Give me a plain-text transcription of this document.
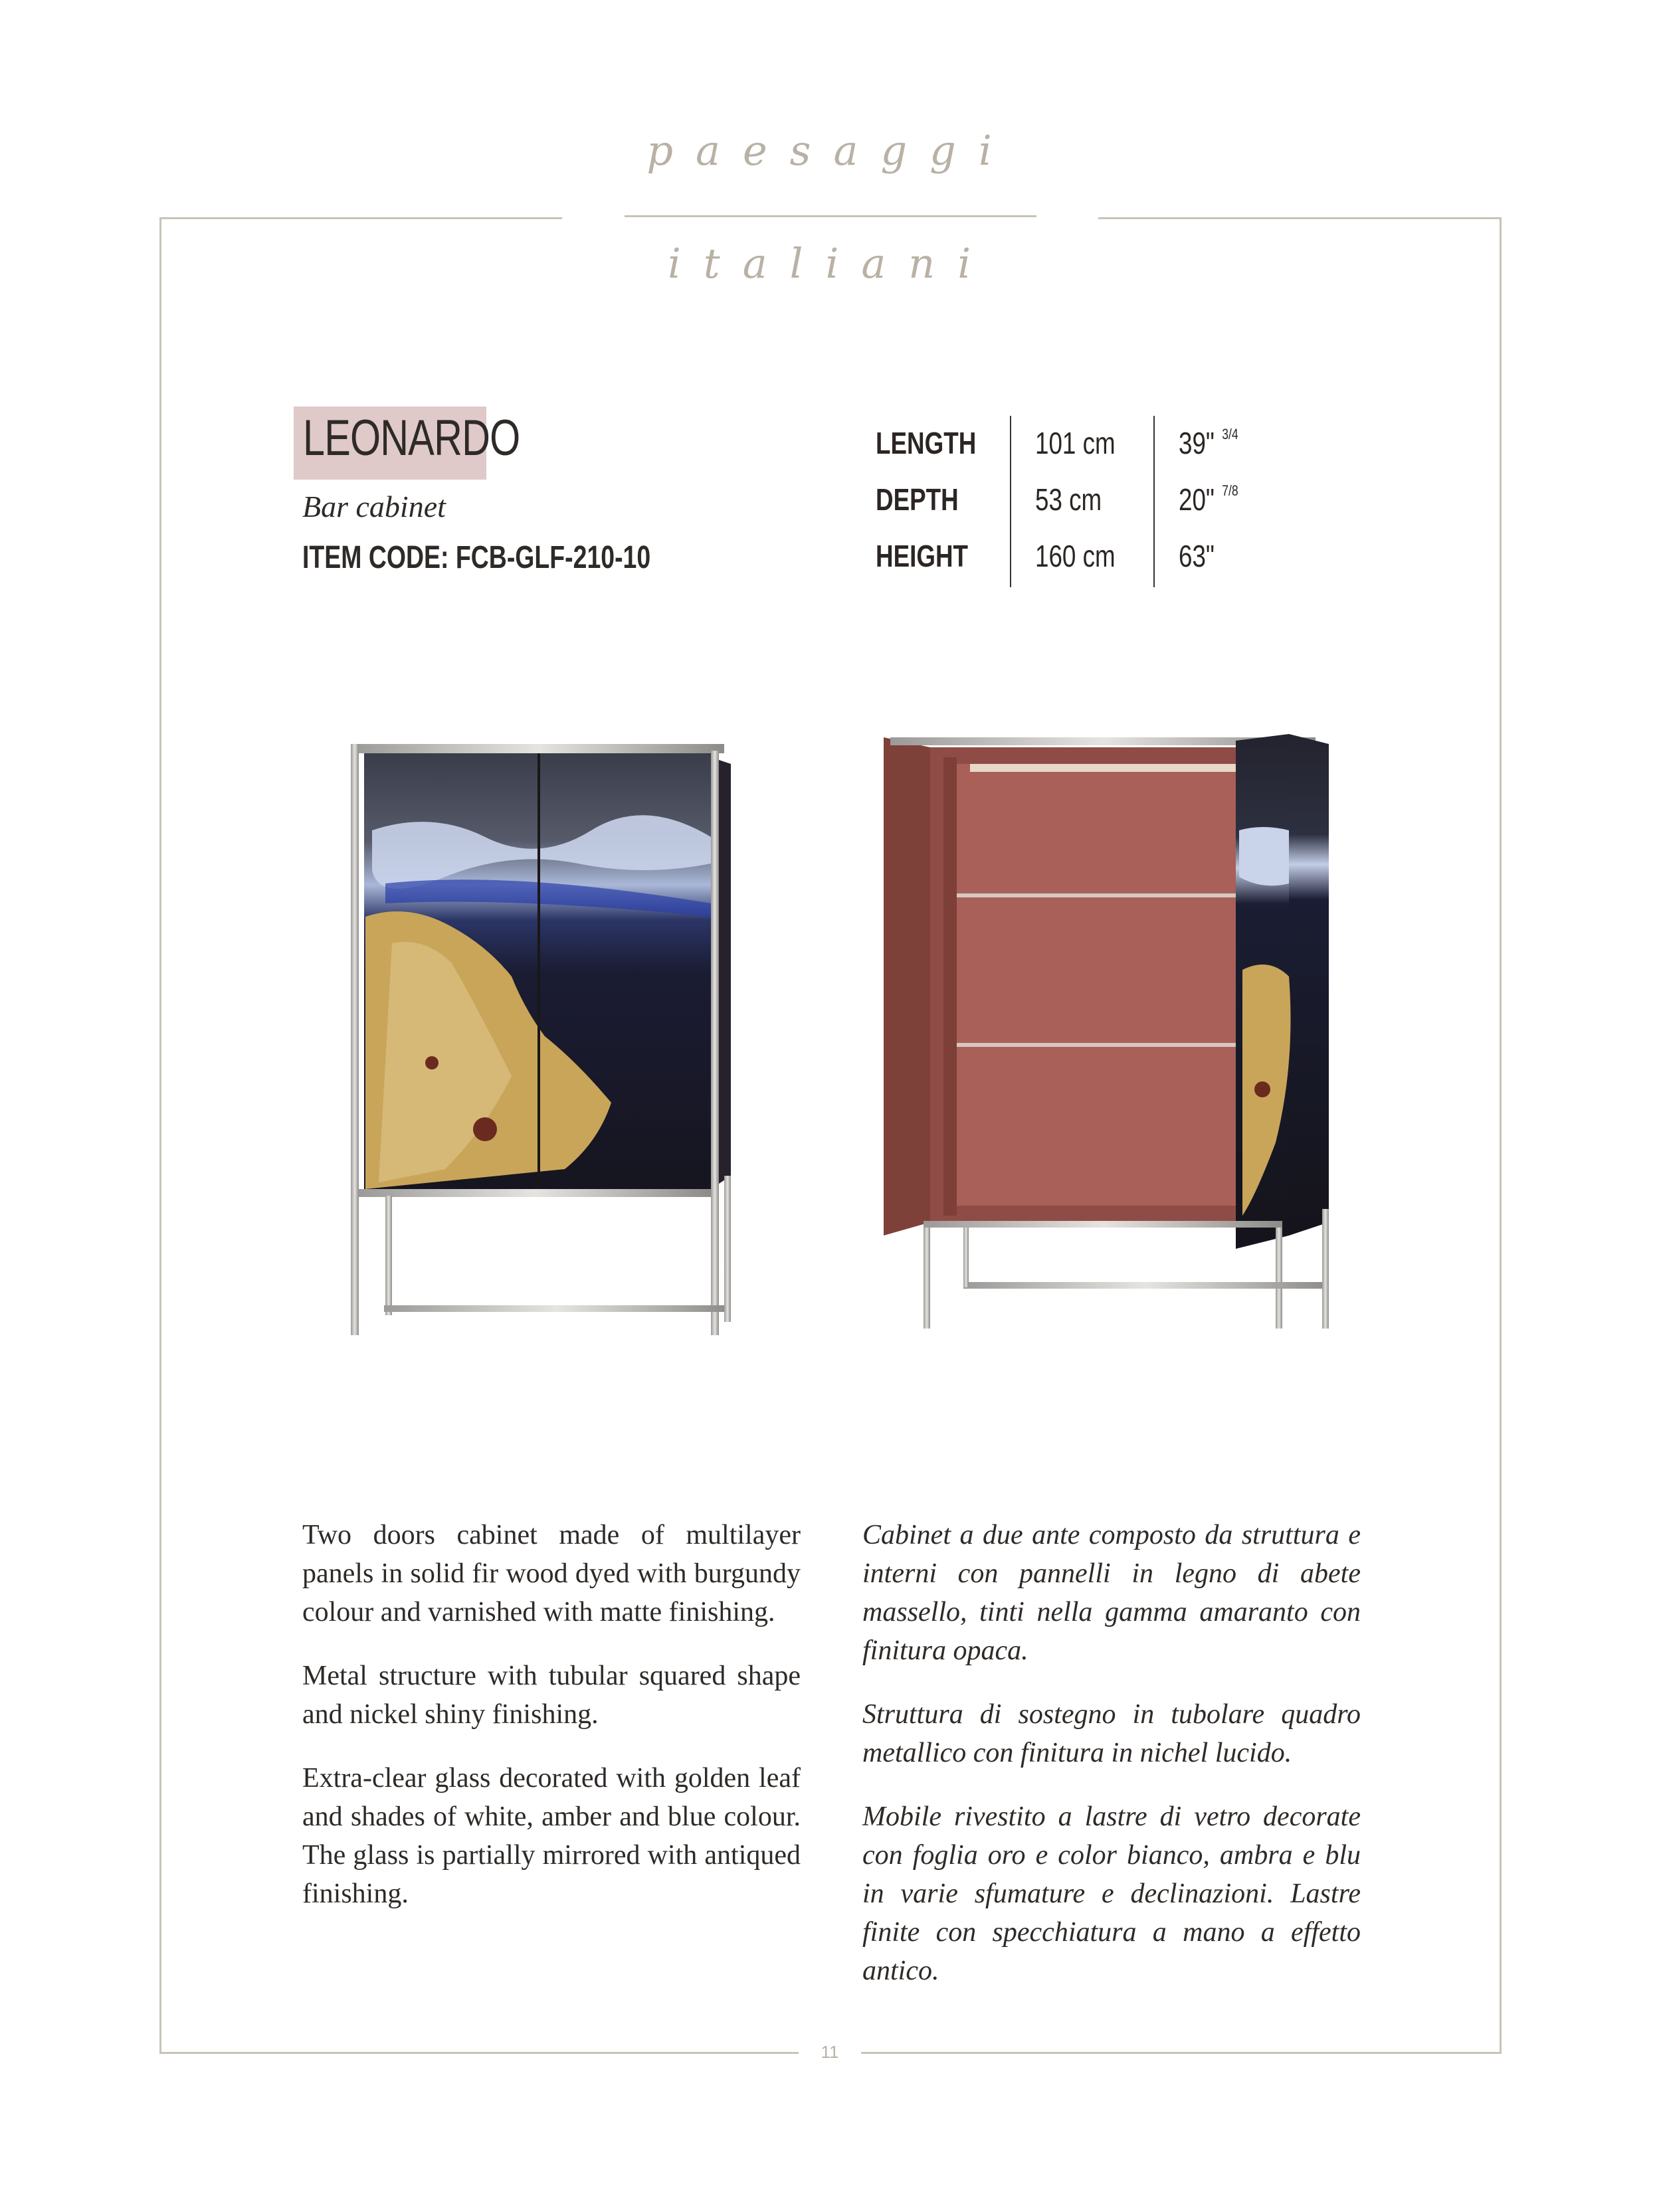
paesaggi
italiani
LEONARDO
Bar cabinet
ITEM CODE: FCB-GLF-210-10
LENGTH 101 cm 39" $^{3/4}$
DEPTH	53 cm	20" $^{7/8}$
HEIGHT 160 cm 63"

Two doors cabinet made of multilayer panels in solid fir wood dyed with burgundy colour and varnished with matte finishing.

Metal structure with tubular squared shape and nickel shiny finishing.

Extra-clear glass decorated with golden leaf and shades of white, amber and blue colour. The glass is partially mirrored with antiqued finishing.

Cabinet a due ante composto da struttura e interni con pannelli in legno di abete massello, tinti nella gamma amaranto con finitura opaca.

Struttura di sostegno in tubolare quadro metallico con finitura in nichel lucido.

Mobile rivestito a lastre di vetro decorate con foglia oro e color bianco, ambra e blu in varie sfumature e declinazioni. Lastre finite con specchiatura a mano a effetto antico.

11
